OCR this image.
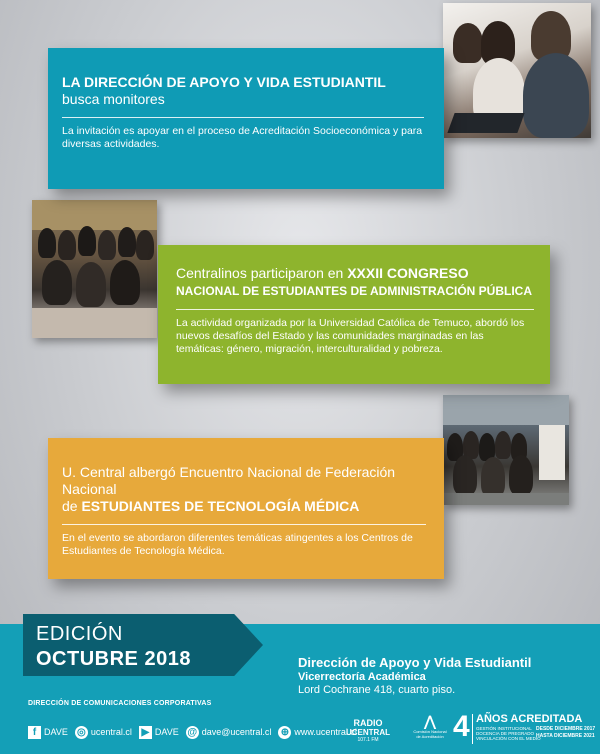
LA DIRECCIÓN DE APOYO Y VIDA ESTUDIANTIL
busca monitores
La invitación es apoyar en el proceso de Acreditación Socioeconómica y para diversas actividades.
Centralinos participaron en XXXII CONGRESO
NACIONAL DE ESTUDIANTES DE ADMINISTRACIÓN PÚBLICA
La actividad organizada por la Universidad Católica de Temuco, abordó los nuevos desafíos del Estado y las comunidades marginadas en las temáticas: género, migración, interculturalidad y pobreza.
U. Central albergó Encuentro Nacional de Federación Nacional
de ESTUDIANTES DE TECNOLOGÍA MÉDICA
En el evento se abordaron diferentes temáticas atingentes a los Centros de Estudiantes de Tecnología Médica.
EDICIÓN
OCTUBRE 2018	Dirección de Apoyo y Vida Estudiantil
Vicerrectoría Académica
Lord Cochrane 418, cuarto piso.
DIRECCIÓN DE COMUNICACIONES CORPORATIVAS
f DAVE ◎ ucentral.cl ▶ DAVE @ dave@ucentral.cl ⊕ www.ucentral.cl
RADIO
UCENTRAL
107.1 FM
⋀
Comisión Nacional
de Acreditación 4 AÑOS ACREDITADA
GESTIÓN INSTITUCIONAL
DOCENCIA DE PREGRADO
VINCULACIÓN CON EL MEDIO
DESDE DICIEMBRE 2017
HASTA DICIEMBRE 2021
